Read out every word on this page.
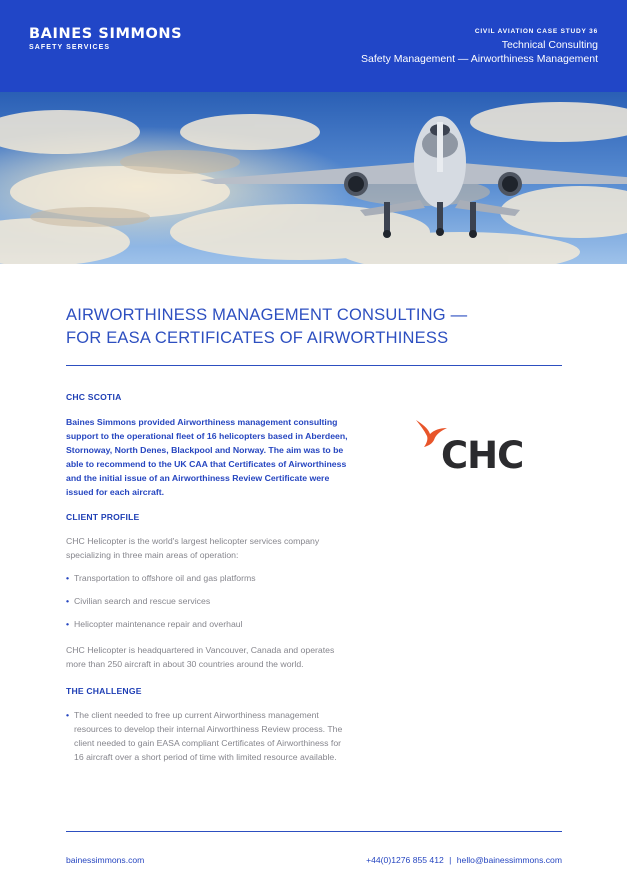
BAINES SIMMONS
SAFETY SERVICES
CIVIL AVIATION CASE STUDY 36
Technical Consulting
Safety Management — Airworthiness Management
AIRWORTHINESS MANAGEMENT CONSULTING —
FOR EASA CERTIFICATES OF AIRWORTHINESS
CHC SCOTIA
Baines Simmons provided Airworthiness management consulting support to the operational fleet of 16 helicopters based in Aberdeen, Stornoway, North Denes, Blackpool and Norway. The aim was to be able to recommend to the UK CAA that Certificates of Airworthiness and the initial issue of an Airworthiness Review Certificate were issued for each aircraft.
CHC
CLIENT PROFILE
CHC Helicopter is the world's largest helicopter services company specializing in three main areas of operation:
• Transportation to offshore oil and gas platforms
• Civilian search and rescue services
• Helicopter maintenance repair and overhaul
CHC Helicopter is headquartered in Vancouver, Canada and operates more than 250 aircraft in about 30 countries around the world.
THE CHALLENGE
• The client needed to free up current Airworthiness management resources to develop their internal Airworthiness Review process. The client needed to gain EASA compliant Certificates of Airworthiness for 16 aircraft over a short period of time with limited resource available.
bainessimmons.com	+44(0)1276 855 412 | hello@bainessimmons.com
